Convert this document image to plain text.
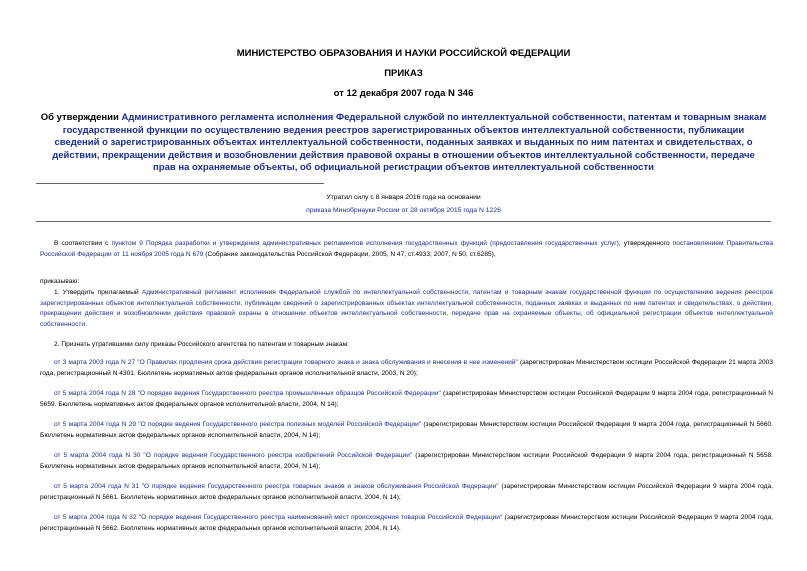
МИНИСТЕРСТВО ОБРАЗОВАНИЯ И НАУКИ РОССИЙСКОЙ ФЕДЕРАЦИИ
ПРИКАЗ
от 12 декабря 2007 года N 346
Об утверждении Административного регламента исполнения Федеральной службой по интеллектуальной собственности, патентам и товарным знакам государственной функции по осуществлению ведения реестров зарегистрированных объектов интеллектуальной собственности, публикации сведений о зарегистрированных объектах интеллектуальной собственности, поданных заявках и выданных по ним патентах и свидетельствах, о действии, прекращении действия и возобновлении действия правовой охраны в отношении объектов интеллектуальной собственности, передаче прав на охраняемые объекты, об официальной регистрации объектов интеллектуальной собственности
Утратил силу с 8 января 2016 года на основании
приказа Минобрнауки России от 28 октября 2015 года N 1226
В соответствии с пунктом 9 Порядка разработки и утверждения административных регламентов исполнения государственных функций (предоставления государственных услуг), утвержденного постановлением Правительства Российской Федерации от 11 ноября 2005 года N 679 (Собрание законодательства Российской Федерации, 2005, N 47, ст.4933; 2007, N 50, ст.6285),
приказываю:
1. Утвердить прилагаемый Административный регламент исполнения Федеральной службой по интеллектуальной собственности, патентам и товарным знакам государственной функции по осуществлению ведения реестров зарегистрированных объектов интеллектуальной собственности, публикации сведений о зарегистрированных объектах интеллектуальной собственности, поданных заявках и выданных по ним патентах и свидетельствах, о действии, прекращении действия и возобновлении действия правовой охраны в отношении объектов интеллектуальной собственности, передаче прав на охраняемые объекты, об официальной регистрации объектов интеллектуальной собственности.
2. Признать утратившими силу приказы Российского агентства по патентам и товарным знакам:
от 3 марта 2003 года N 27 "О Правилах продления срока действия регистрации товарного знака и знака обслуживания и внесения в нее изменений" (зарегистрирован Министерством юстиции Российской Федерации 21 марта 2003 года, регистрационный N 4301. Бюллетень нормативных актов федеральных органов исполнительной власти, 2003, N 20);
от 5 марта 2004 года N 28 "О порядке ведения Государственного реестра промышленных образцов Российской Федерации" (зарегистрирован Министерством юстиции Российской Федерации 9 марта 2004 года, регистрационный N 5659. Бюллетень нормативных актов федеральных органов исполнительной власти, 2004, N 14);
от 5 марта 2004 года N 29 "О порядке ведения Государственного реестра полезных моделей Российской Федерации" (зарегистрирован Министерством юстиции Российской Федерации 9 марта 2004 года, регистрационный N 5660. Бюллетень нормативных актов федеральных органов исполнительной власти, 2004, N 14);
от 5 марта 2004 года N 30 "О порядке ведения Государственного реестра изобретений Российской Федерации" (зарегистрирован Министерством юстиции Российской Федерации 9 марта 2004 года, регистрационный N 5658. Бюллетень нормативных актов федеральных органов исполнительной власти, 2004, N 14);
от 5 марта 2004 года N 31 "О порядке ведения Государственного реестра товарных знаков и знаков обслуживания Российской Федерации" (зарегистрирован Министерством юстиции Российской Федерации 9 марта 2004 года, регистрационный N 5661. Бюллетень нормативных актов федеральных органов исполнительной власти, 2004, N 14);
от 5 марта 2004 года N 32 "О порядке ведения Государственного реестра наименований мест происхождения товаров Российской Федерации" (зарегистрирован Министерством юстиции Российской Федерации 9 марта 2004 года, регистрационный N 5662. Бюллетень нормативных актов федеральных органов исполнительной власти, 2004, N 14).
